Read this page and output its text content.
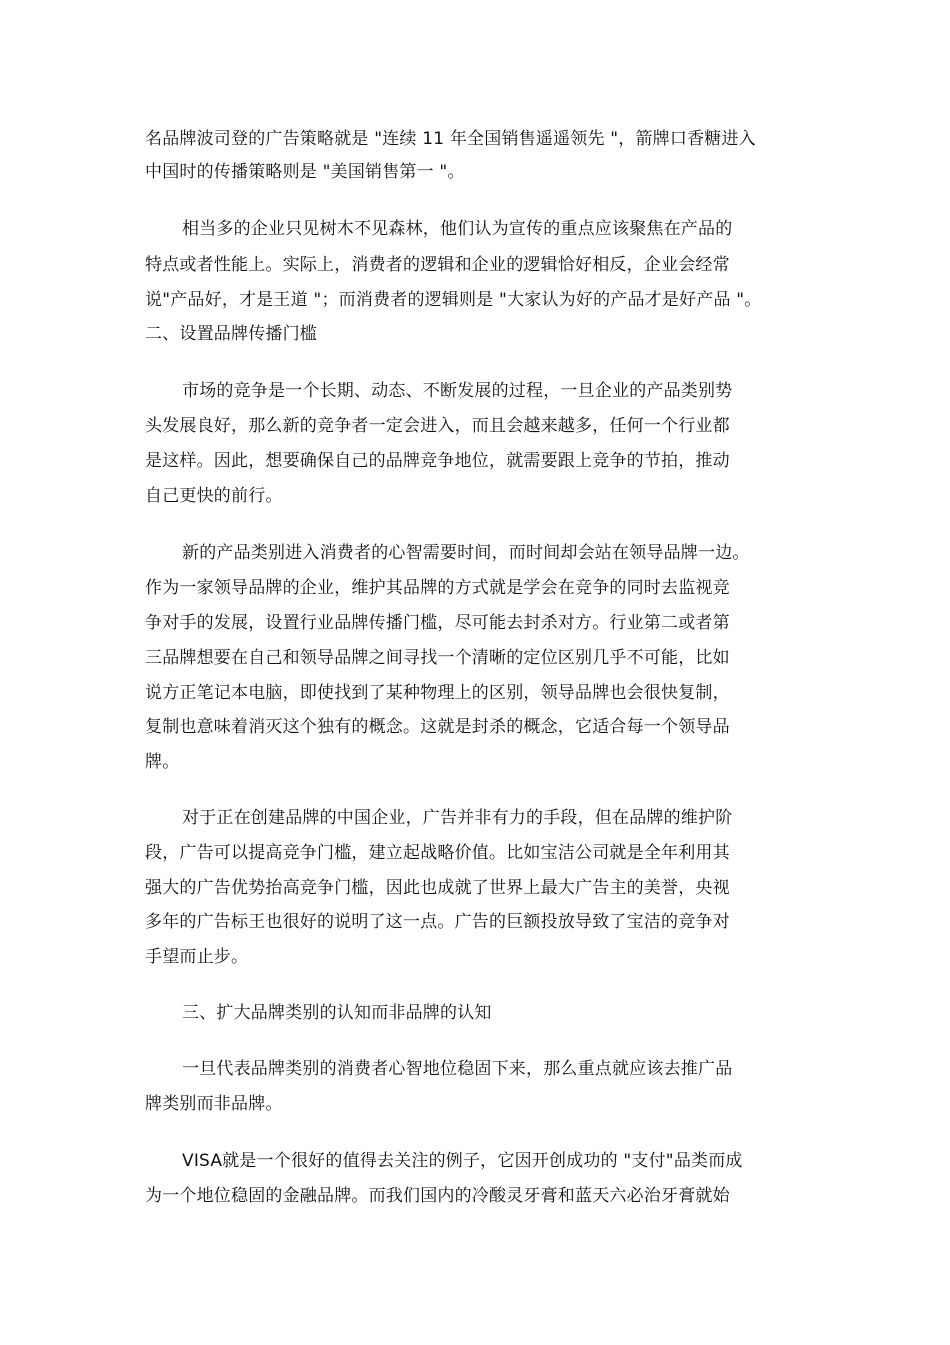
名品牌波司登的广告策略就是 "连续 11 年全国销售遥遥领先 "，箭牌口香糖进入
中国时的传播策略则是 "美国销售第一 "。
相当多的企业只见树木不见森林，他们认为宣传的重点应该聚焦在产品的
特点或者性能上。实际上，消费者的逻辑和企业的逻辑恰好相反，企业会经常
说"产品好，才是王道 "；而消费者的逻辑则是 "大家认为好的产品才是好产品 "。
二、设置品牌传播门槛
市场的竞争是一个长期、动态、不断发展的过程，一旦企业的产品类别势
头发展良好，那么新的竞争者一定会进入，而且会越来越多，任何一个行业都
是这样。因此，想要确保自己的品牌竞争地位，就需要跟上竞争的节拍，推动
自己更快的前行。
新的产品类别进入消费者的心智需要时间，而时间却会站在领导品牌一边。
作为一家领导品牌的企业，维护其品牌的方式就是学会在竞争的同时去监视竞
争对手的发展，设置行业品牌传播门槛，尽可能去封杀对方。行业第二或者第
三品牌想要在自己和领导品牌之间寻找一个清晰的定位区别几乎不可能，比如
说方正笔记本电脑，即使找到了某种物理上的区别，领导品牌也会很快复制，
复制也意味着消灭这个独有的概念。这就是封杀的概念，它适合每一个领导品
牌。
对于正在创建品牌的中国企业，广告并非有力的手段，但在品牌的维护阶
段，广告可以提高竞争门槛，建立起战略价值。比如宝洁公司就是全年利用其
强大的广告优势抬高竞争门槛，因此也成就了世界上最大广告主的美誉，央视
多年的广告标王也很好的说明了这一点。广告的巨额投放导致了宝洁的竞争对
手望而止步。
三、扩大品牌类别的认知而非品牌的认知
一旦代表品牌类别的消费者心智地位稳固下来，那么重点就应该去推广品
牌类别而非品牌。
VISA就是一个很好的值得去关注的例子，它因开创成功的 "支付"品类而成
为一个地位稳固的金融品牌。而我们国内的冷酸灵牙膏和蓝天六必治牙膏就始
